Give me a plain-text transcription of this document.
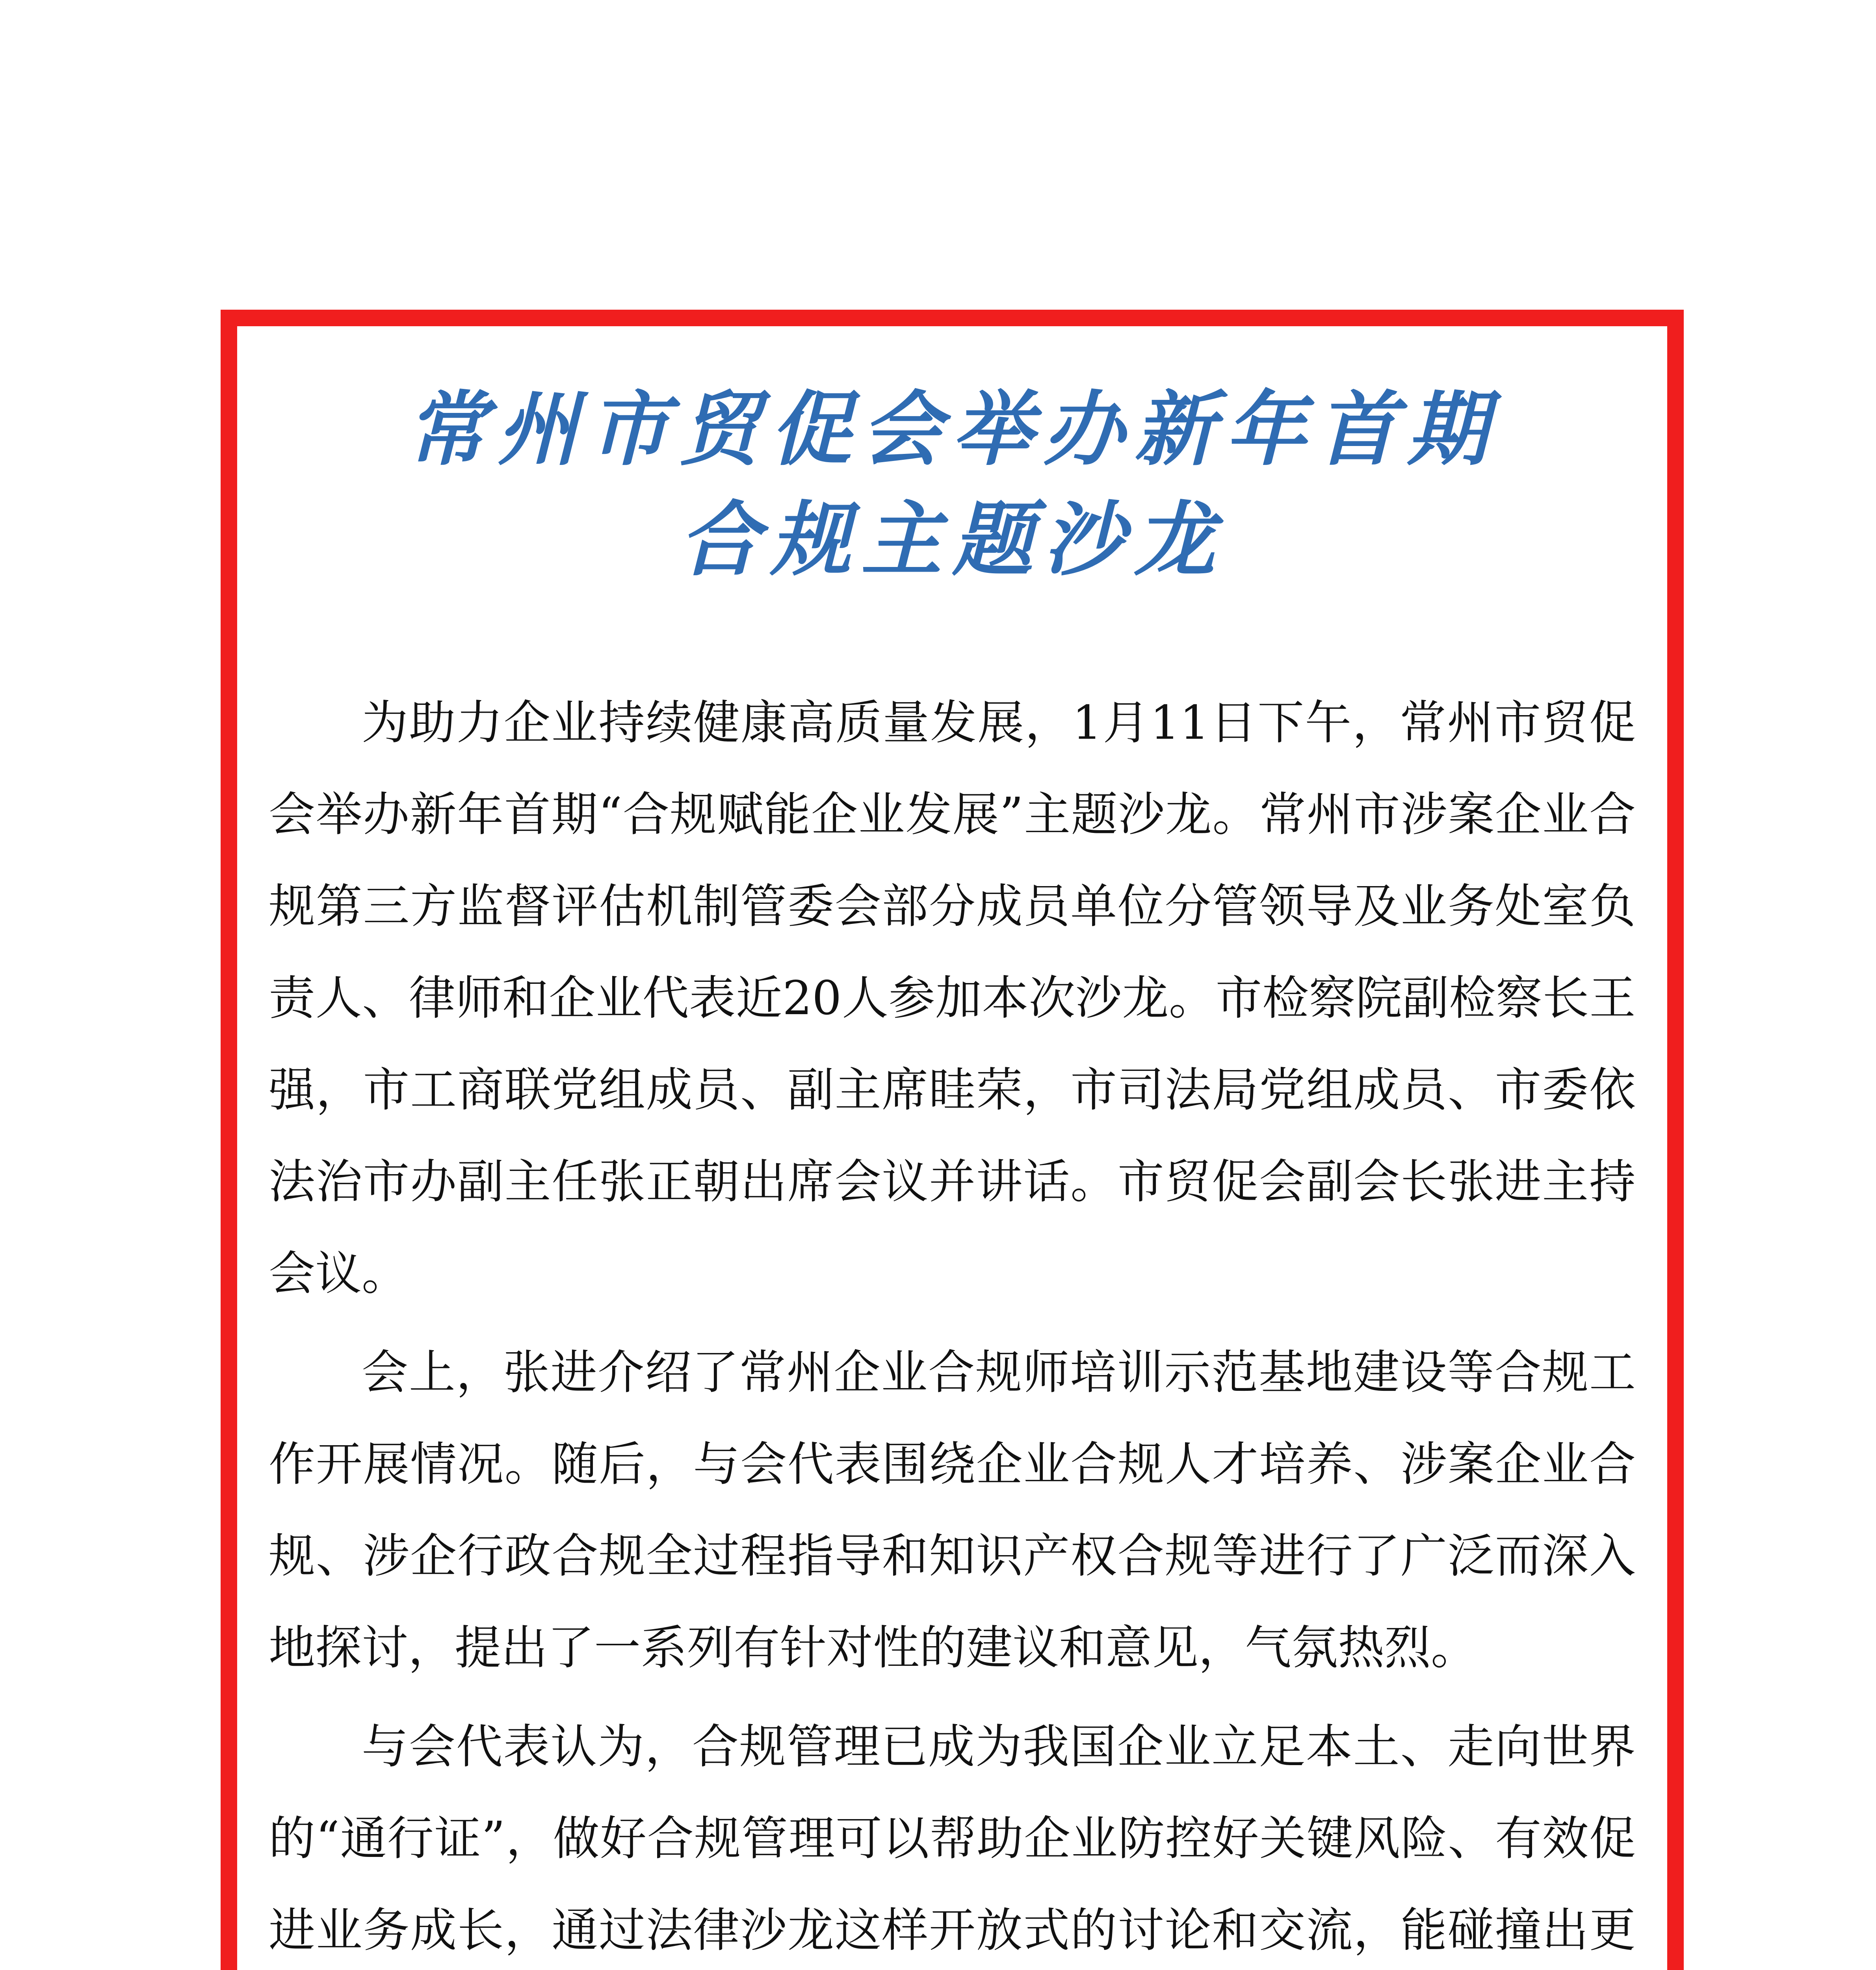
常州市贸促会举办新年首期
合规主题沙龙

为助力企业持续健康高质量发展，1月11日下午，常州市贸促会举办新年首期“合规赋能企业发展”主题沙龙。常州市涉案企业合规第三方监督评估机制管委会部分成员单位分管领导及业务处室负责人、律师和企业代表近20人参加本次沙龙。市检察院副检察长王强，市工商联党组成员、副主席眭荣，市司法局党组成员、市委依法治市办副主任张正朝出席会议并讲话。市贸促会副会长张进主持会议。

会上，张进介绍了常州企业合规师培训示范基地建设等合规工作开展情况。随后，与会代表围绕企业合规人才培养、涉案企业合规、涉企行政合规全过程指导和知识产权合规等进行了广泛而深入地探讨，提出了一系列有针对性的建议和意见，气氛热烈。

与会代表认为，合规管理已成为我国企业立足本土、走向世界的“通行证”，做好合规管理可以帮助企业防控好关键风险、有效促进业务成长，通过法律沙龙这样开放式的讨论和交流，能碰撞出更
